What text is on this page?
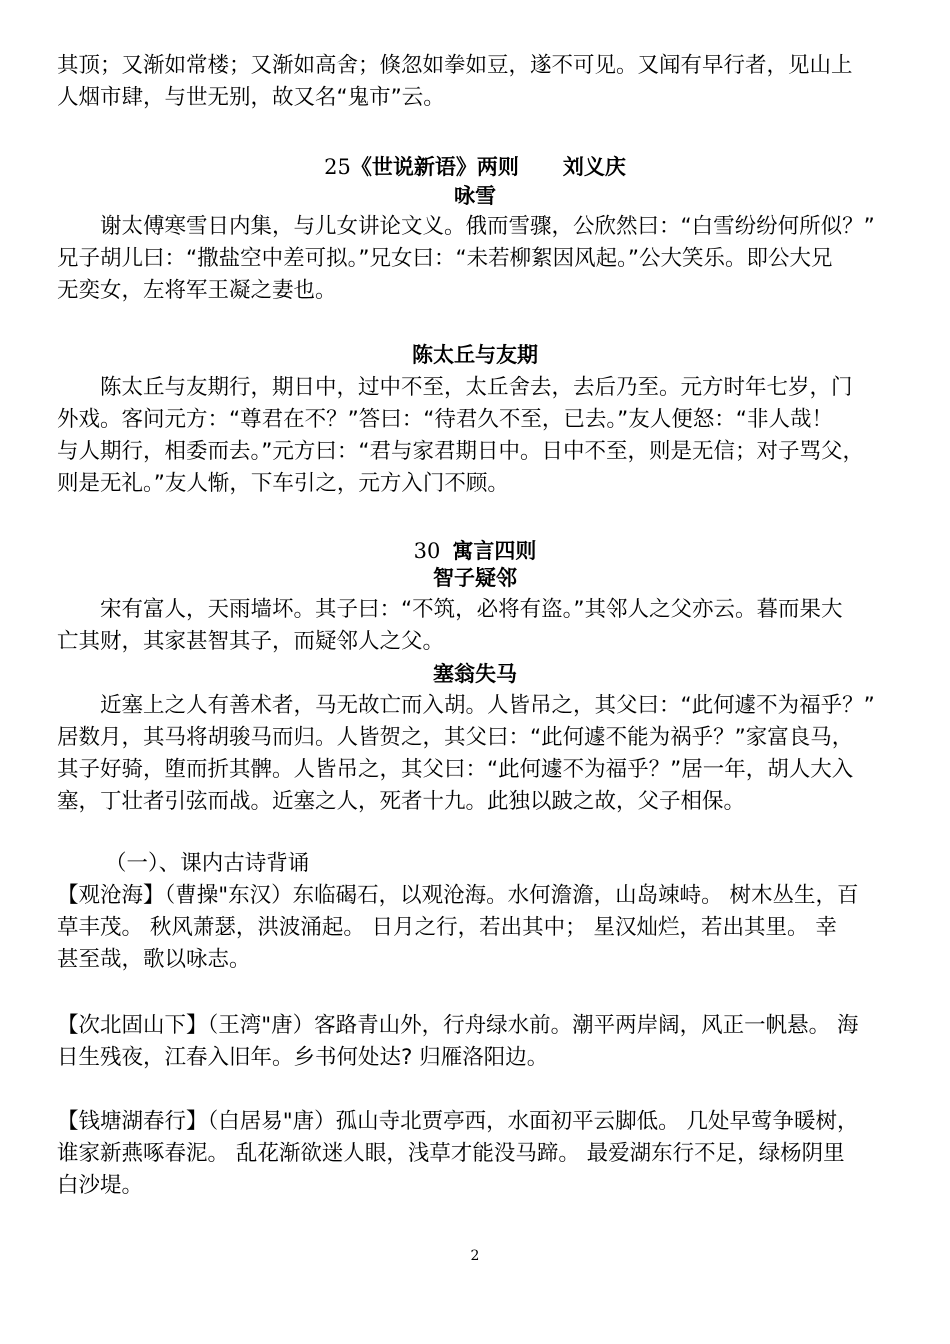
其顶；又渐如常楼；又渐如高舍；倏忽如拳如豆，遂不可见。又闻有早行者，见山上
人烟市肆，与世无别，故又名“鬼市”云。
25《世说新语》两则 刘义庆
咏雪
谢太傅寒雪日内集，与儿女讲论文义。俄而雪骤，公欣然曰：“白雪纷纷何所似？”
兄子胡儿曰：“撒盐空中差可拟。”兄女曰：“未若柳絮因风起。”公大笑乐。即公大兄
无奕女，左将军王凝之妻也。
陈太丘与友期
陈太丘与友期行，期日中，过中不至，太丘舍去，去后乃至。元方时年七岁，门
外戏。客问元方：“尊君在不？”答曰：“待君久不至，已去。”友人便怒：“非人哉！
与人期行，相委而去。”元方曰：“君与家君期日中。日中不至，则是无信；对子骂父，
则是无礼。”友人惭，下车引之，元方入门不顾。
30 寓言四则
智子疑邻
宋有富人，天雨墙坏。其子曰：“不筑，必将有盗。”其邻人之父亦云。暮而果大
亡其财，其家甚智其子，而疑邻人之父。
塞翁失马
近塞上之人有善术者，马无故亡而入胡。人皆吊之，其父曰：“此何遽不为福乎？”
居数月，其马将胡骏马而归。人皆贺之，其父曰：“此何遽不能为祸乎？”家富良马，
其子好骑，堕而折其髀。人皆吊之，其父曰：“此何遽不为福乎？”居一年，胡人大入
塞，丁壮者引弦而战。近塞之人，死者十九。此独以跛之故，父子相保。
（一）、课内古诗背诵
【观沧海】（曹操"东汉）东临碣石，以观沧海。水何澹澹，山岛竦峙。 树木丛生，百
草丰茂。 秋风萧瑟，洪波涌起。 日月之行，若出其中； 星汉灿烂，若出其里。 幸
甚至哉，歌以咏志。
【次北固山下】（王湾"唐）客路青山外，行舟绿水前。潮平两岸阔，风正一帆悬。 海
日生残夜，江春入旧年。乡书何处达? 归雁洛阳边。
【钱塘湖春行】（白居易"唐）孤山寺北贾亭西，水面初平云脚低。 几处早莺争暖树，
谁家新燕啄春泥。 乱花渐欲迷人眼，浅草才能没马蹄。 最爱湖东行不足，绿杨阴里
白沙堤。
2
